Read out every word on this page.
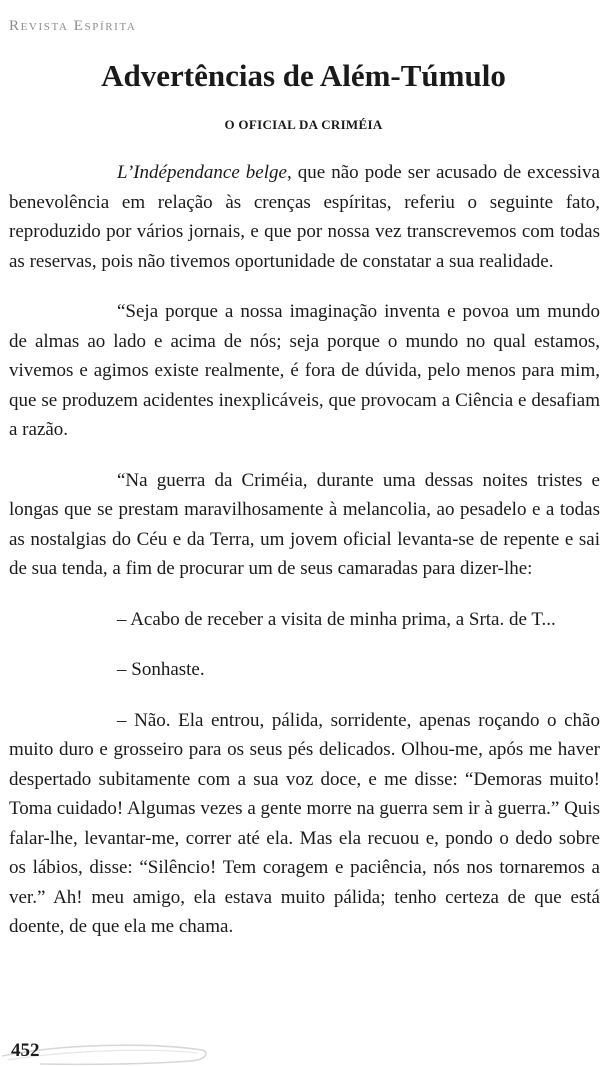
Revista Espírita
Advertências de Além-Túmulo
O OFICIAL DA CRIMÉIA

L’Indépendance belge, que não pode ser acusado de excessiva benevolência em relação às crenças espíritas, referiu o seguinte fato, reproduzido por vários jornais, e que por nossa vez transcrevemos com todas as reservas, pois não tivemos oportunidade de constatar a sua realidade.

“Seja porque a nossa imaginação inventa e povoa um mundo de almas ao lado e acima de nós; seja porque o mundo no qual estamos, vivemos e agimos existe realmente, é fora de dúvida, pelo menos para mim, que se produzem acidentes inexplicáveis, que provocam a Ciência e desafiam a razão.

“Na guerra da Criméia, durante uma dessas noites tristes e longas que se prestam maravilhosamente à melancolia, ao pesadelo e a todas as nostalgias do Céu e da Terra, um jovem oficial levanta-se de repente e sai de sua tenda, a fim de procurar um de seus camaradas para dizer-lhe:

– Acabo de receber a visita de minha prima, a Srta. de T...

– Sonhaste.

– Não. Ela entrou, pálida, sorridente, apenas roçando o chão muito duro e grosseiro para os seus pés delicados. Olhou-me, após me haver despertado subitamente com a sua voz doce, e me disse: “Demoras muito! Toma cuidado! Algumas vezes a gente morre na guerra sem ir à guerra.” Quis falar-lhe, levantar-me, correr até ela. Mas ela recuou e, pondo o dedo sobre os lábios, disse: “Silêncio! Tem coragem e paciência, nós nos tornaremos a ver.” Ah! meu amigo, ela estava muito pálida; tenho certeza de que está doente, de que ela me chama.

452
